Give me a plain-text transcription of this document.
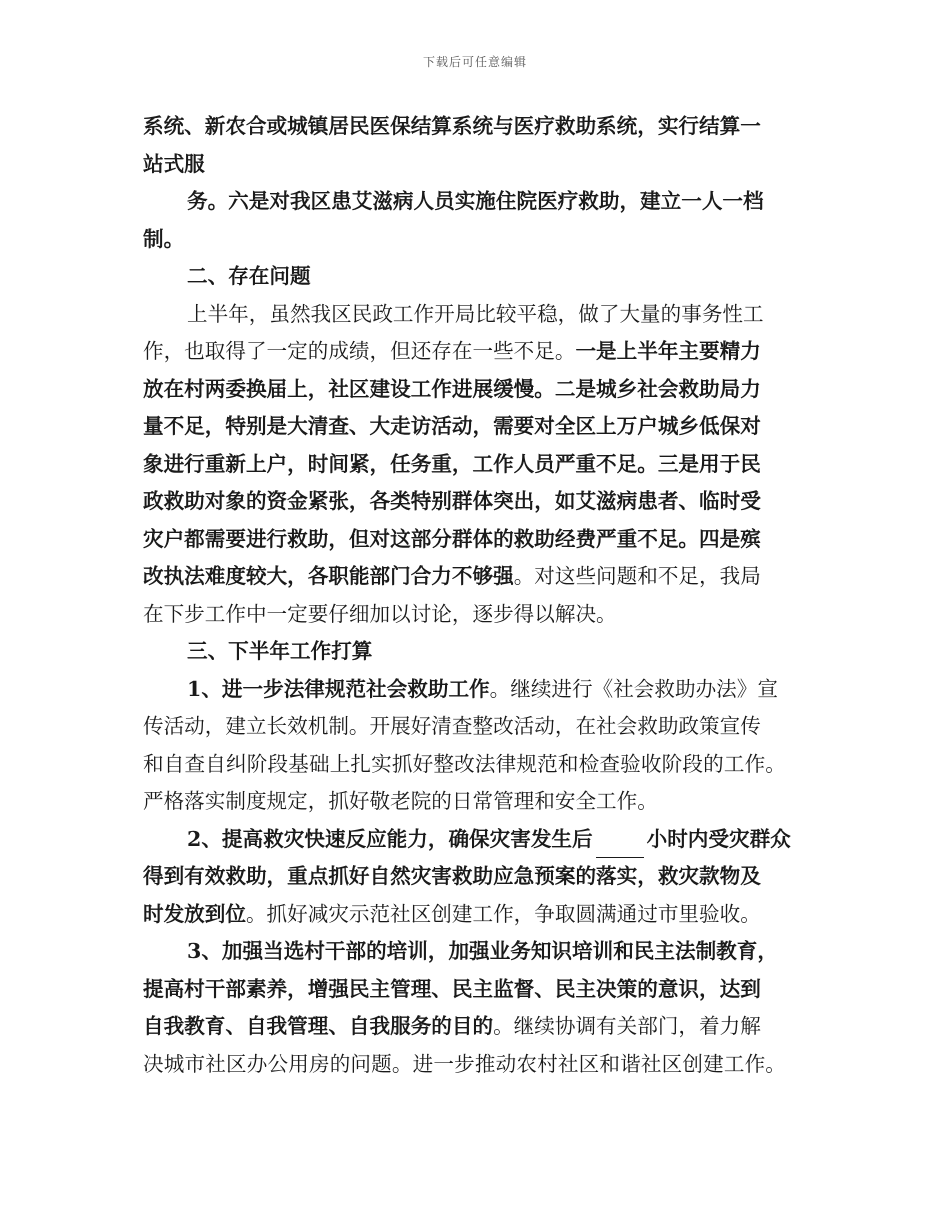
下载后可任意编辑
系统、新农合或城镇居民医保结算系统与医疗救助系统，实行结算一
站式服
务。六是对我区患艾滋病人员实施住院医疗救助，建立一人一档
制。
二、存在问题
上半年，虽然我区民政工作开局比较平稳，做了大量的事务性工
作，也取得了一定的成绩，但还存在一些不足。一是上半年主要精力
放在村两委换届上，社区建设工作进展缓慢。二是城乡社会救助局力
量不足，特别是大清查、大走访活动，需要对全区上万户城乡低保对
象进行重新上户，时间紧，任务重，工作人员严重不足。三是用于民
政救助对象的资金紧张，各类特别群体突出，如艾滋病患者、临时受
灾户都需要进行救助，但对这部分群体的救助经费严重不足。四是殡
改执法难度较大，各职能部门合力不够强。对这些问题和不足，我局
在下步工作中一定要仔细加以讨论，逐步得以解决。
三、下半年工作打算
1、进一步法律规范社会救助工作。继续进行《社会救助办法》宣
传活动，建立长效机制。开展好清查整改活动，在社会救助政策宣传
和自查自纠阶段基础上扎实抓好整改法律规范和检查验收阶段的工作。
严格落实制度规定，抓好敬老院的日常管理和安全工作。
2、提高救灾快速反应能力，确保灾害发生后	小时内受灾群众
得到有效救助，重点抓好自然灾害救助应急预案的落实，救灾款物及
时发放到位。抓好减灾示范社区创建工作，争取圆满通过市里验收。
3、加强当选村干部的培训，加强业务知识培训和民主法制教育，
提高村干部素养，增强民主管理、民主监督、民主决策的意识，达到
自我教育、自我管理、自我服务的目的。继续协调有关部门，着力解
决城市社区办公用房的问题。进一步推动农村社区和谐社区创建工作。
